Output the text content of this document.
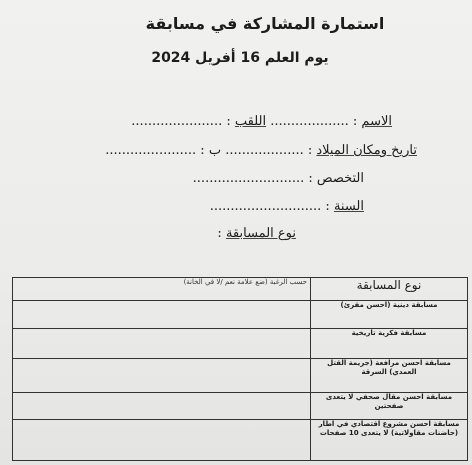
استمارة المشاركة في مسابقة
يوم العلم 16 أفريل 2024
الاسم : ................... اللقب : ......................
تاريخ ومكان الميلاد : ................... ب : ......................
التخصص : ...........................
السنة : ...........................
نوع المسابقة :
نوع المسابقة	حسب الرغبة (ضع علامة نعم /لا في الخانة)
مسابقة دينية (احسن مقرئ)	
مسابقة فكرية تاريخية	
مسابقة احسن مرافعة (جريمة القتل العمدي) السرقة	
مسابقة احسن مقال صحفي لا يتعدى صفحتين	
مسابقة احسن مشروع اقتصادي في اطار (حاضنات مقاولاتية) لا يتعدى 10 صفحات	
